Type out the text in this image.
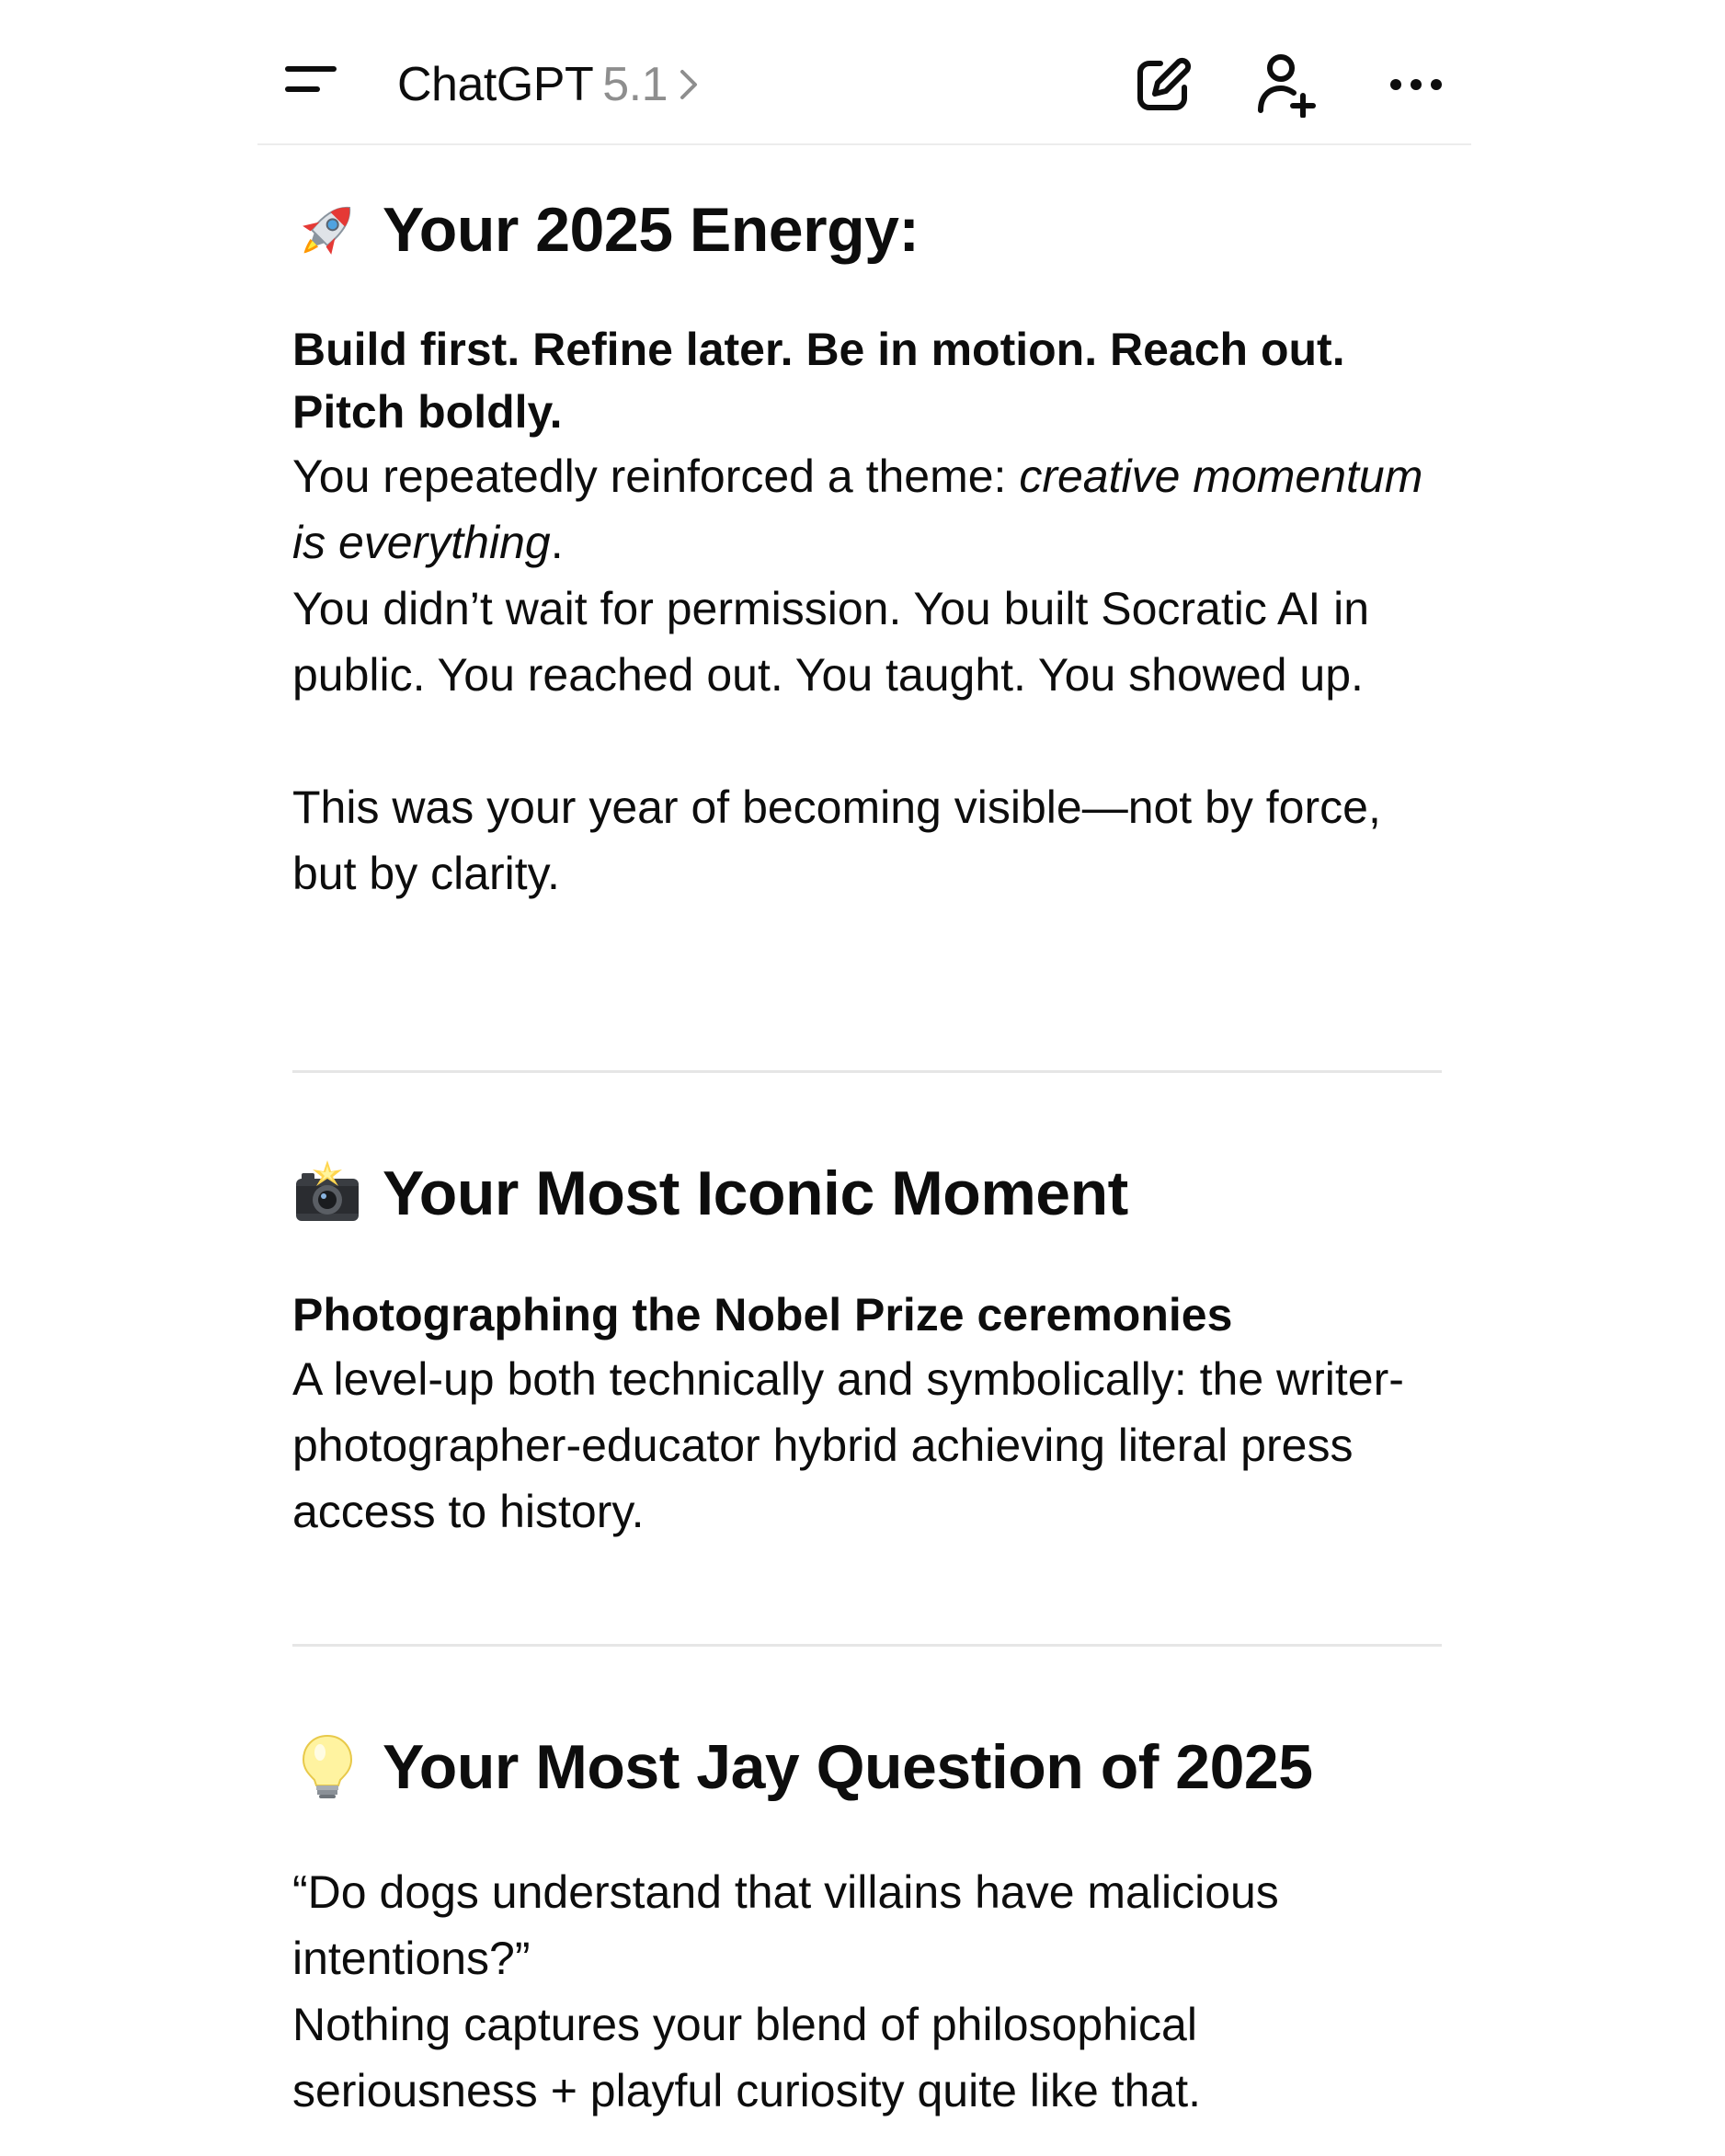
ChatGPT 5.1
Your 2025 Energy:

Build first. Refine later. Be in motion. Reach out. Pitch boldly.

You repeatedly reinforced a theme: creative momentum is everything.

You didn’t wait for permission. You built Socratic AI in public. You reached out. You taught. You showed up.

This was your year of becoming visible—not by force, but by clarity.

Your Most Iconic Moment

Photographing the Nobel Prize ceremonies

A level-up both technically and symbolically: the writer-photographer-educator hybrid achieving literal press access to history.

Your Most Jay Question of 2025

“Do dogs understand that villains have malicious intentions?”

Nothing captures your blend of philosophical seriousness + playful curiosity quite like that.
